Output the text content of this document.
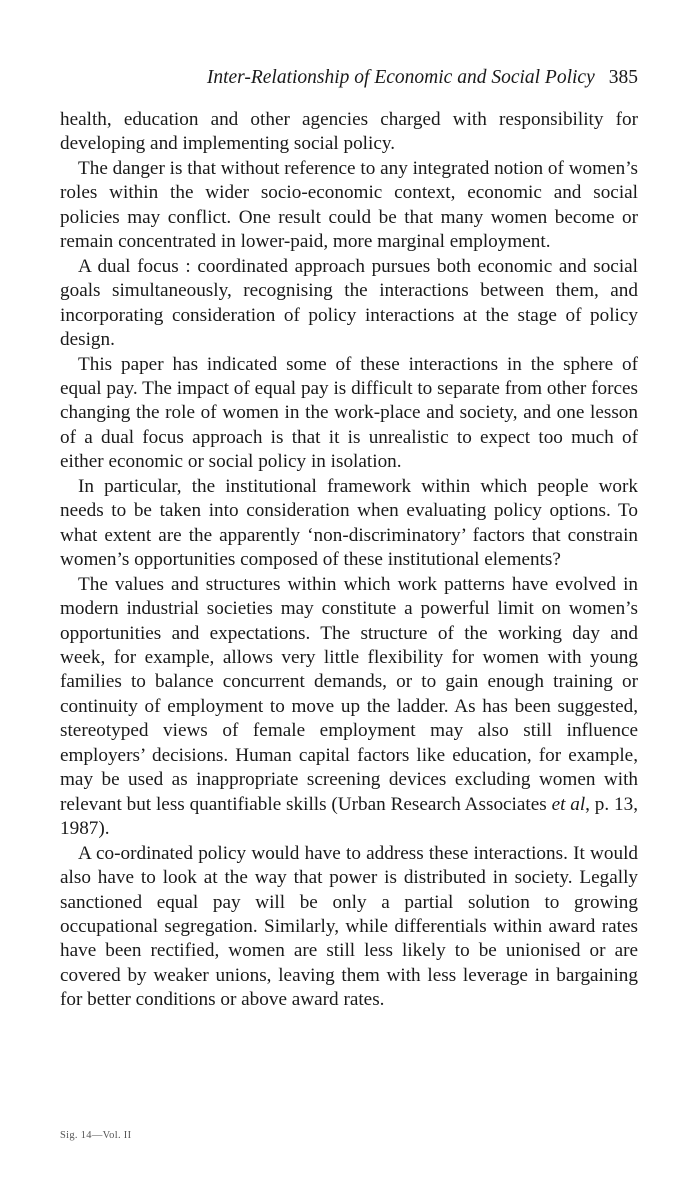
Inter-Relationship of Economic and Social Policy 385

health, education and other agencies charged with responsibility for developing and implementing social policy.

The danger is that without reference to any integrated notion of women’s roles within the wider socio-economic context, economic and social policies may conflict. One result could be that many women become or remain concentrated in lower-paid, more marginal employment.

A dual focus : coordinated approach pursues both economic and social goals simultaneously, recognising the interactions between them, and incorporating consideration of policy interactions at the stage of policy design.

This paper has indicated some of these interactions in the sphere of equal pay. The impact of equal pay is difficult to separate from other forces changing the role of women in the work-place and society, and one lesson of a dual focus approach is that it is unrealistic to expect too much of either economic or social policy in isolation.

In particular, the institutional framework within which people work needs to be taken into consideration when evaluating policy options. To what extent are the apparently ‘non-discriminatory’ factors that constrain women’s opportunities composed of these institutional elements?

The values and structures within which work patterns have evolved in modern industrial societies may constitute a powerful limit on women’s opportunities and expectations. The structure of the working day and week, for example, allows very little flexibility for women with young families to balance concurrent demands, or to gain enough training or continuity of employment to move up the ladder. As has been suggested, stereotyped views of female employment may also still influence employers’ decisions. Human capital factors like education, for example, may be used as inappropriate screening devices excluding women with relevant but less quantifiable skills (Urban Research Associates et al, p. 13, 1987).

A co-ordinated policy would have to address these interactions. It would also have to look at the way that power is distributed in society. Legally sanctioned equal pay will be only a partial solution to growing occupational segregation. Similarly, while differentials within award rates have been rectified, women are still less likely to be unionised or are covered by weaker unions, leaving them with less leverage in bargaining for better conditions or above award rates.

Sig. 14—Vol. II
